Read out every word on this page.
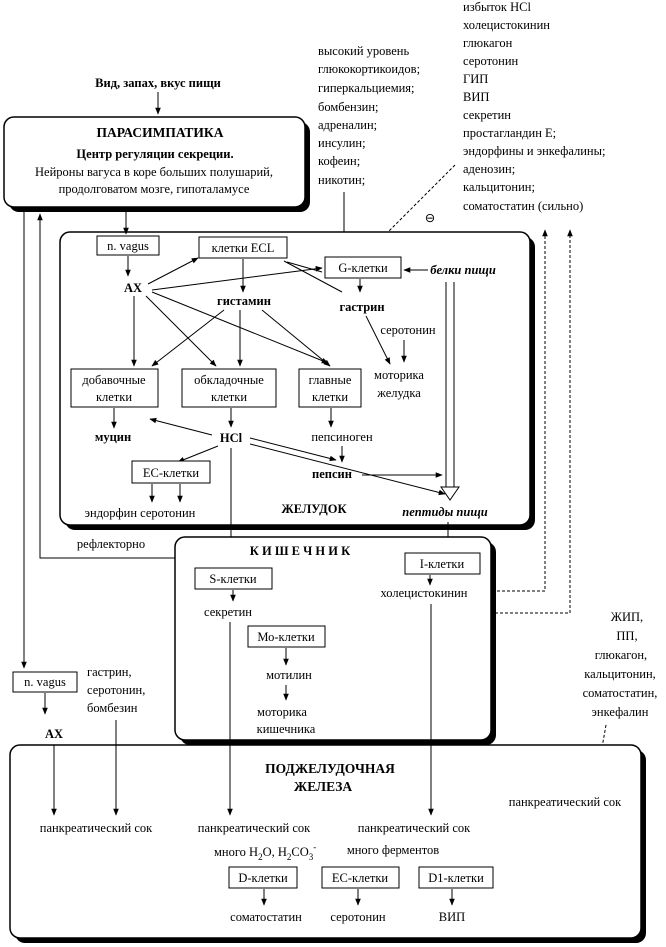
Вид, запах, вкус пищи
ПАРАСИМПАТИКА
Центр регуляции секреции.
Нейроны вагуса в коре больших полушарий,
продолговатом мозге, гипоталамусе
высокий уровень
глюкокортикоидов;
гиперкальциемия;
бомбензин;
адреналин;
инсулин;
кофеин;
никотин;
избыток HCl
холецистокинин
глюкагон
серотонин
ГИП
ВИП
секретин
простагландин E;
эндорфины и энкефалины;
аденозин;
кальцитонин;
соматостатин (сильно)
⊖
n. vagus
АХ
клетки ECL
G-клетки	белки пищи
гистамин	гастрин
серотонин
моторика
желудка
добавочные
клетки
муцин
обкладочные
клетки
главные
клетки
пепсиноген
HCl
пепсин
EC-клетки
эндорфин серотонин	ЖЕЛУДОК	пептиды пищи
рефлекторно	К И Ш Е Ч Н И К
S-клетки
секретин
I-клетки
холецистокинин
Мо-клетки
мотилин
моторика
кишечника
n. vagus
АХ
гастрин,
серотонин,
бомбезин
ЖИП,
ПП,
глюкагон,
кальцитонин,
соматостатин,
энкефалин
ПОДЖЕЛУДОЧНАЯ
ЖЕЛЕЗА
панкреатический сок	панкреатический сок
много $H_2O$, $H_2CO_3^-$
панкреатический сок
много ферментов
панкреатический сок
D-клетки
соматостатин
EC-клетки
серотонин
D1-клетки
ВИП
